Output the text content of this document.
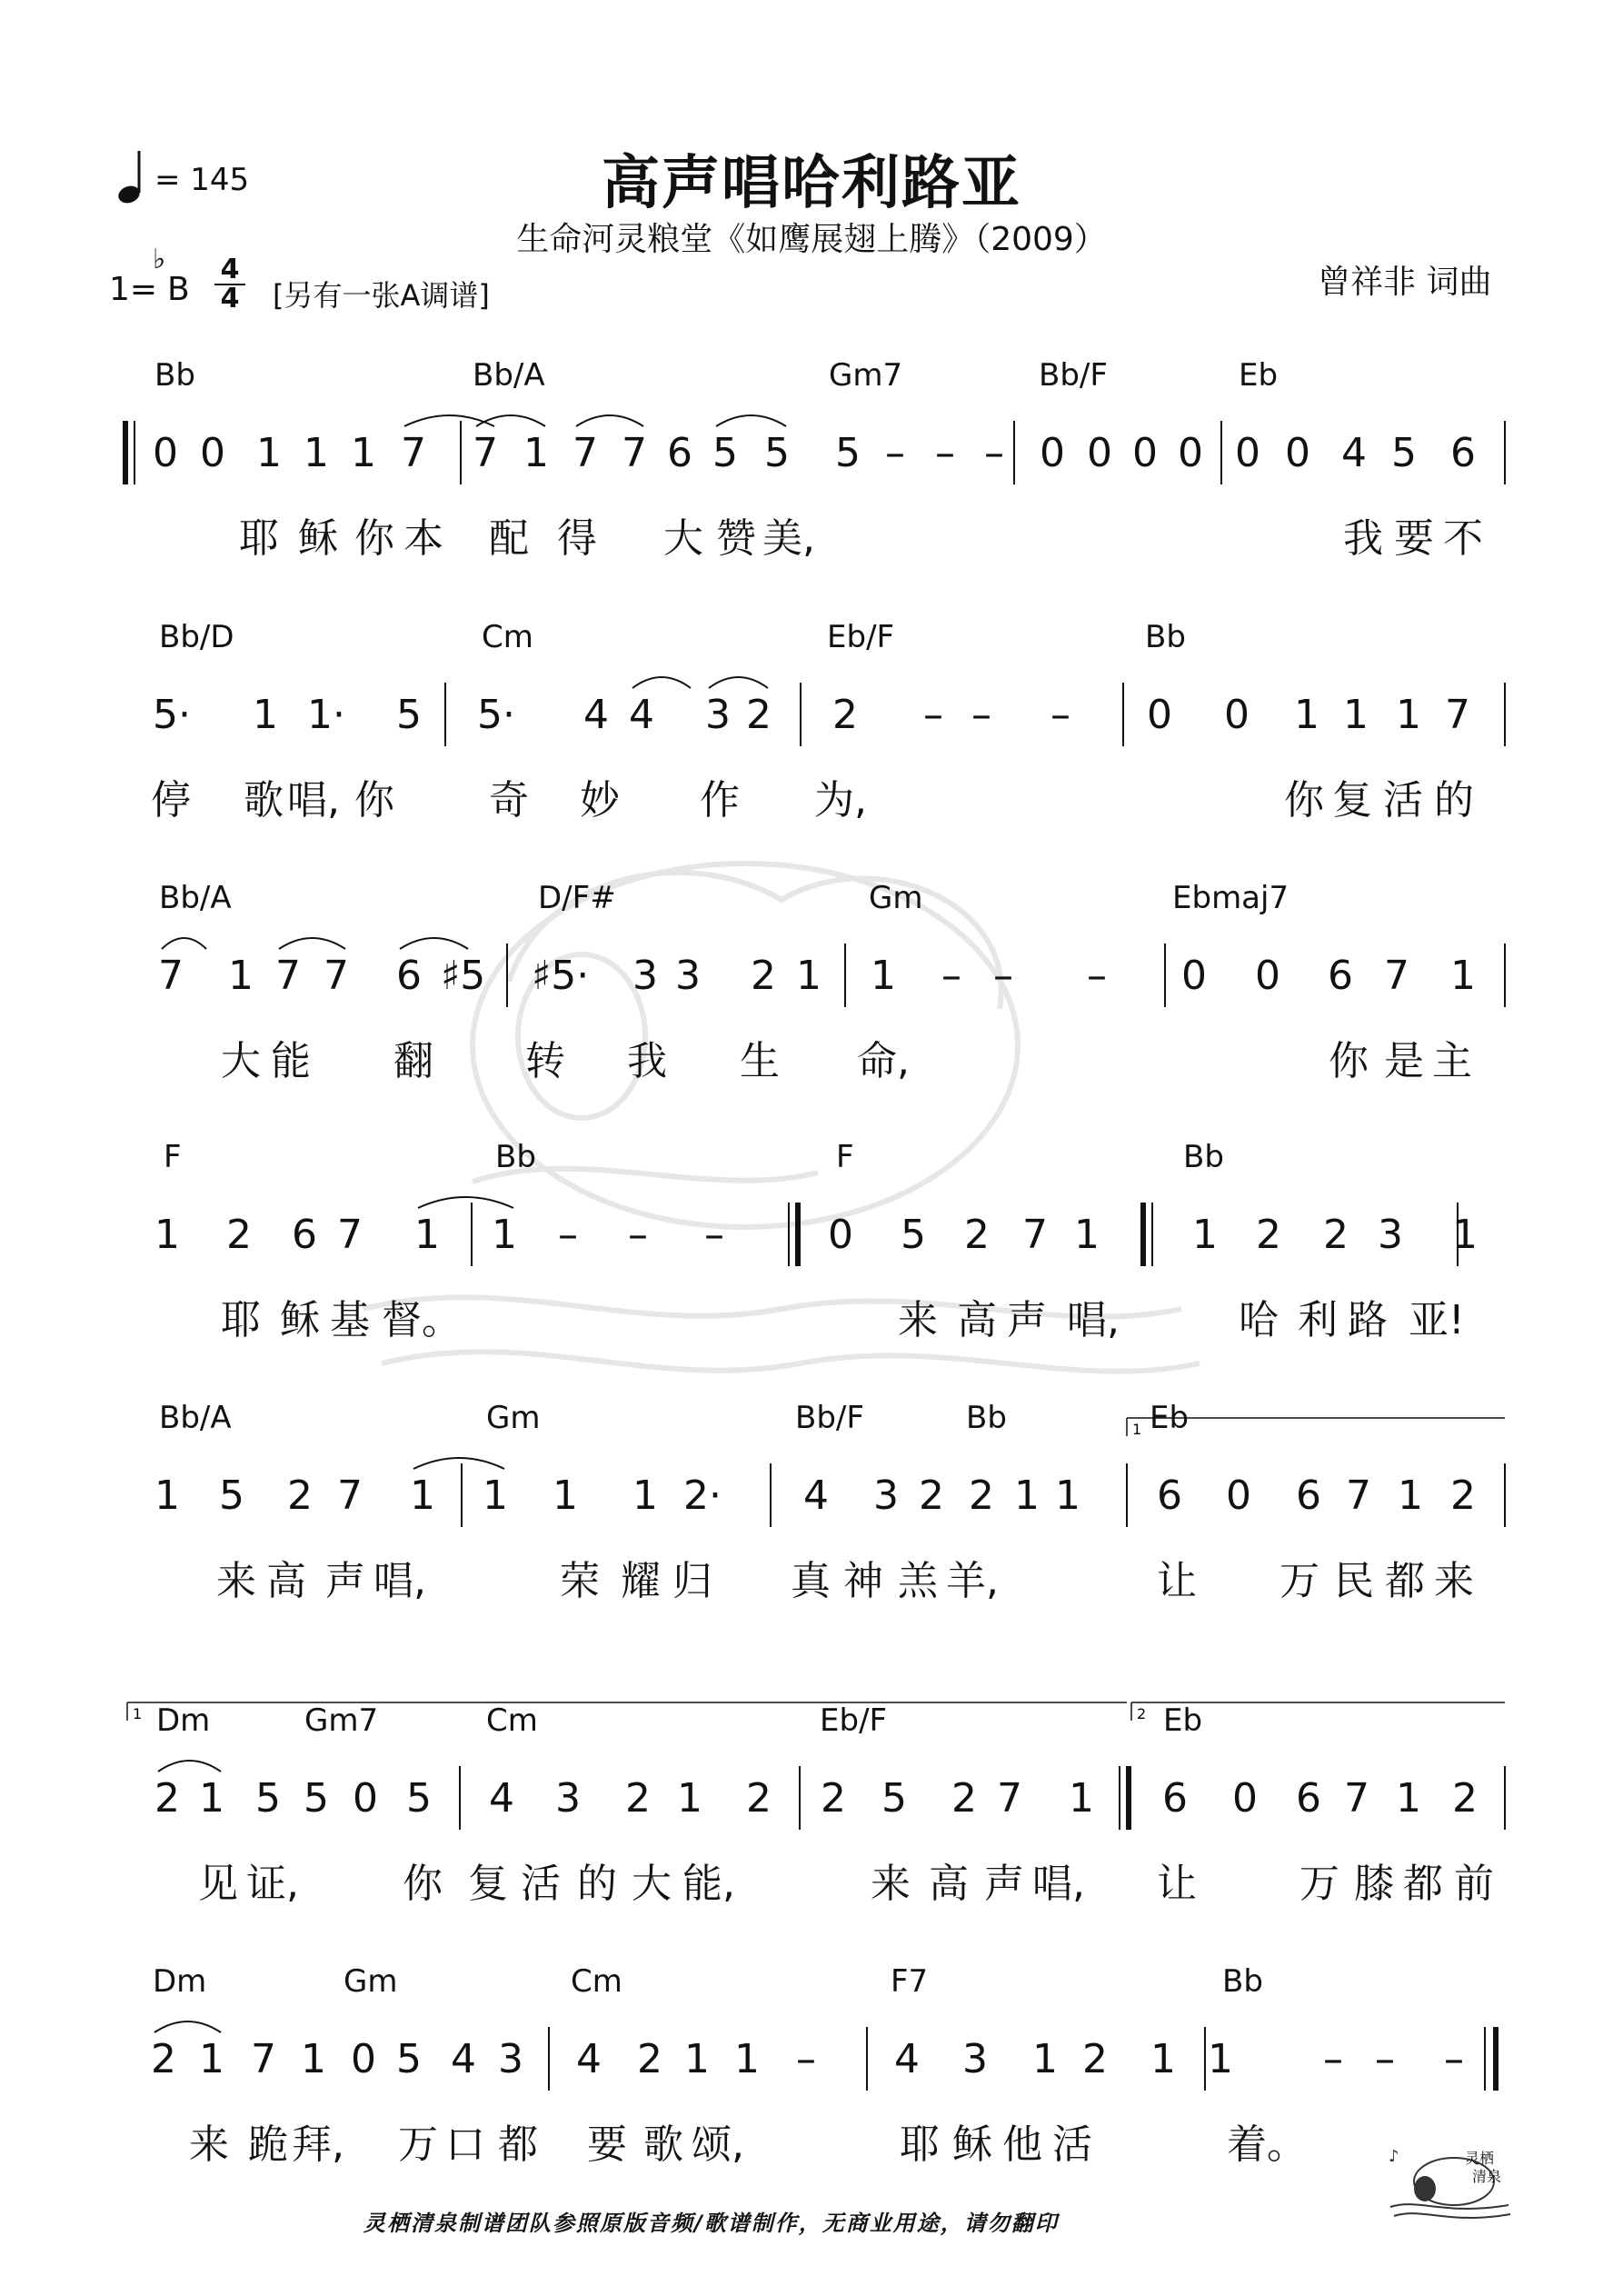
= 145	高声唱哈利路亚
生命河灵粮堂《如鹰展翅上腾》（2009）
1=
♭
B
4
4 [另有一张A调谱]	曾祥非 词曲
Bb	Bb/A	Gm7	Bb/F	Eb
Bb/D	Cm	Eb/F	Bb
Bb/A	D/F#	Gm	Ebmaj7
F	Bb	F	Bb
Bb/A	Gm	Bb/F	Bb	Eb
Dm	Gm7	Cm	Eb/F	Eb
Dm	Gm	Cm	F7	Bb
0 0 1 1 1 7 7 1 7 7 6 5 5 5 – – – 0 0 0 0 0 0 4 5 6
5· 1 1· 5 5· 4 4 3 2 2 – – – 0 0 1 1 1 7
7 1 7 7 6 ♯5 ♯5· 3 3 2 1 1 – – – 0 0 6 7 1
1 2 6 7 1 1 – – –	0 5 2 7 1 1 2 2 3 1
1 5 2 7 1 1 1 1 2· 4 3 2 2 1 1 6 0 6 7 1 2
2 1 5 5 0 5 4 3 2 1 2 2 5 2 7 1 6 0 6 7 1 2
2 1 7 1 0 5 4 3 4 2 1 1 – 4 3 1 2 1 1 – – –
耶 稣 你 本 配 得 大 赞 美,	我 要 不
停 歌 唱, 你 奇 妙 作 为,	你 复 活 的
大 能 翻 转 我 生 命,	你 是 主
耶 稣 基 督。	来 高 声 唱,	哈 利 路 亚!
来 高 声 唱,	荣 耀 归 真 神 羔 羊,	让 万 民 都 来
见 证,	你 复 活 的 大 能,	来 高 声 唱, 让	万 膝 都 前
来 跪 拜, 万 口 都 要 歌 颂,	耶 稣 他 活	着。
1
1	2
灵栖清泉制谱团队参照原版音频/歌谱制作，无商业用途，请勿翻印
♪	灵栖
清泉
